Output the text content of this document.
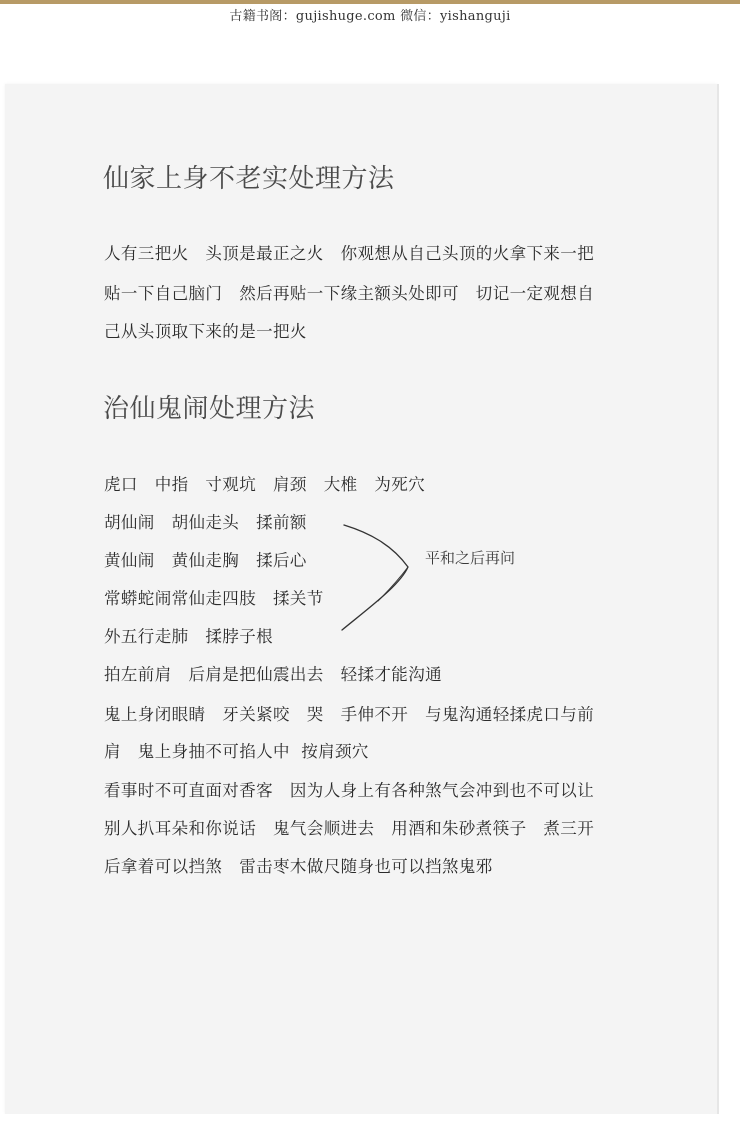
古籍书阁：gujishuge.com 微信：yishanguji
仙家上身不老实处理方法
人有三把火　头顶是最正之火　你观想从自己头顶的火拿下来一把
贴一下自己脑门　然后再贴一下缘主额头处即可　切记一定观想自
己从头顶取下来的是一把火
治仙鬼闹处理方法
虎口　中指　寸观坑　肩颈　大椎　为死穴
胡仙闹　胡仙走头　揉前额
黄仙闹　黄仙走胸　揉后心
常蟒蛇闹常仙走四肢　揉关节
外五行走肺　揉脖子根
拍左前肩　后肩是把仙震出去　轻揉才能沟通
鬼上身闭眼睛　牙关紧咬　哭　手伸不开　与鬼沟通轻揉虎口与前
肩　鬼上身抽不可掐人中  按肩颈穴
看事时不可直面对香客　因为人身上有各种煞气会冲到也不可以让
别人扒耳朵和你说话　鬼气会顺进去　用酒和朱砂煮筷子　煮三开
后拿着可以挡煞　雷击枣木做尺随身也可以挡煞鬼邪
平和之后再问
